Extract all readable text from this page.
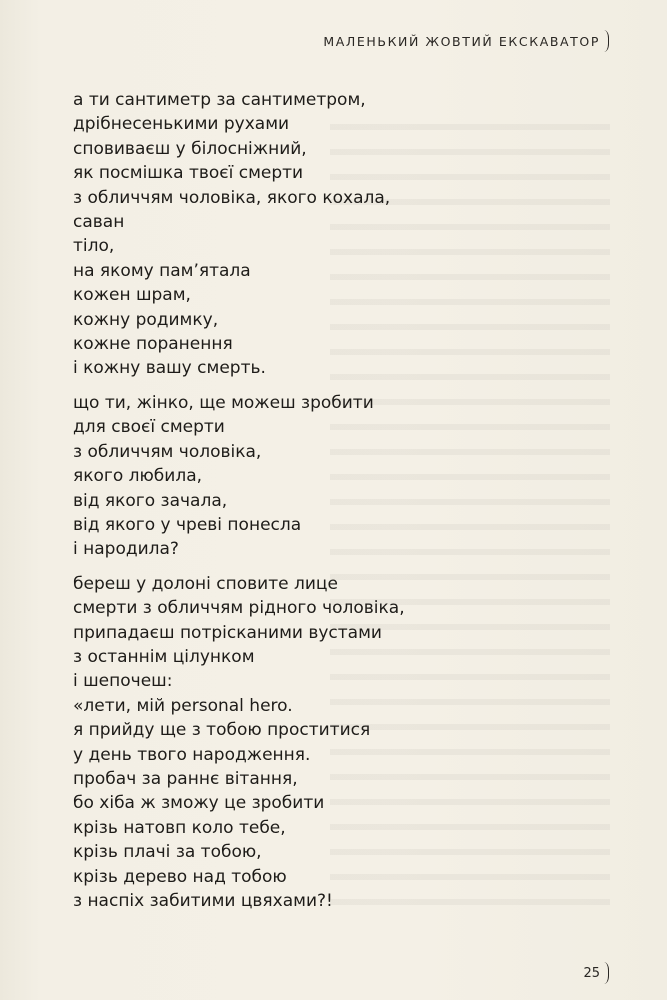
МАЛЕНЬКИЙ ЖОВТИЙ ЕКСКАВАТОР
а ти сантиметр за сантиметром,
дрібнесенькими рухами
сповиваєш у білосніжний,
як посмішка твоєї смерти
з обличчям чоловіка, якого кохала,
саван
тіло,
на якому пам’ятала
кожен шрам,
кожну родимку,
кожне поранення
і кожну вашу смерть.
що ти, жінко, ще можеш зробити
для своєї смерти
з обличчям чоловіка,
якого любила,
від якого зачала,
від якого у чреві понесла
і народила?
береш у долоні сповите лице
смерти з обличчям рідного чоловіка,
припадаєш потрісканими вустами
з останнім цілунком
і шепочеш:
«лети, мій personal hero.
я прийду ще з тобою проститися
у день твого народження.
пробач за раннє вітання,
бо хіба ж зможу це зробити
крізь натовп коло тебе,
крізь плачі за тобою,
крізь дерево над тобою
з наспіх забитими цвяхами?!
25
